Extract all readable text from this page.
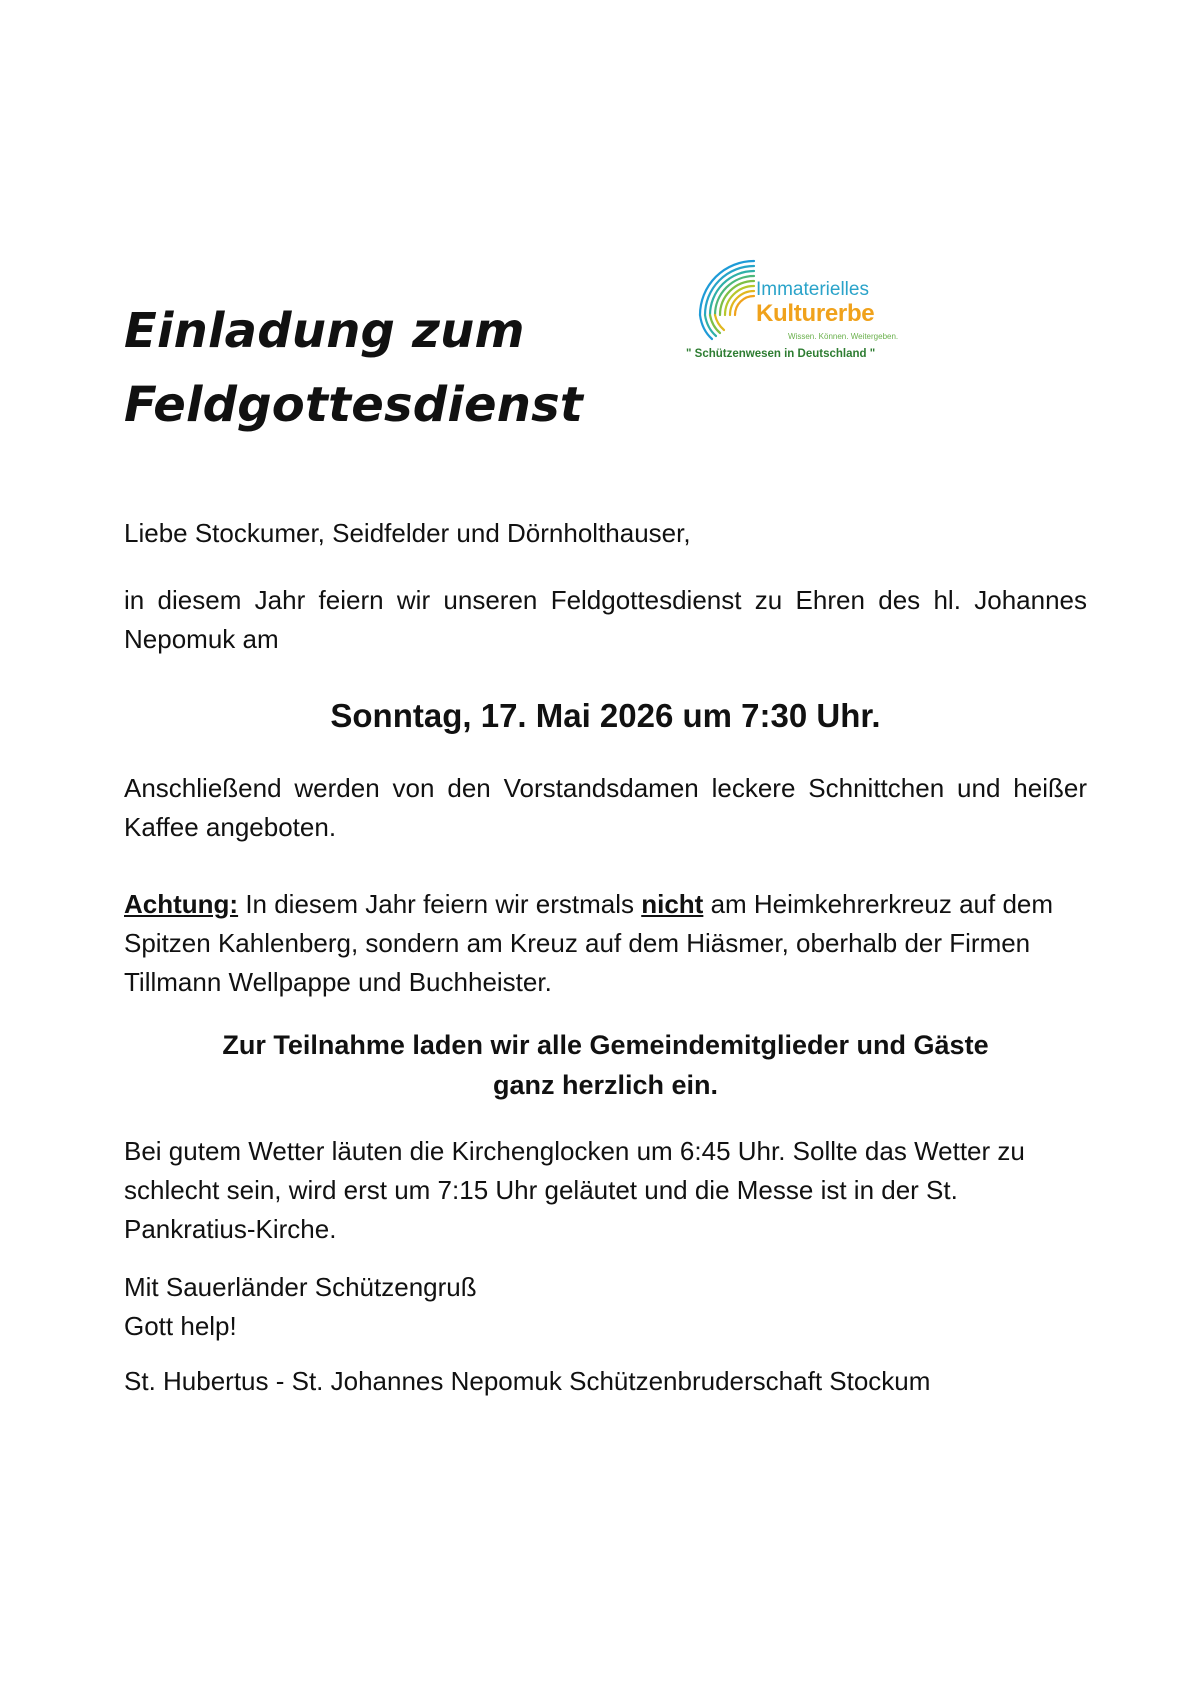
Einladung zum
Feldgottesdienst
Immaterielles
Kulturerbe
Wissen. Können. Weitergeben.
" Schützenwesen in Deutschland "

Liebe Stockumer, Seidfelder und Dörnholthauser,

in diesem Jahr feiern wir unseren Feldgottesdienst zu Ehren des hl. Johannes Nepomuk am

Sonntag, 17. Mai 2026 um 7:30 Uhr.

Anschließend werden von den Vorstandsdamen leckere Schnittchen und heißer Kaffee angeboten.

Achtung: In diesem Jahr feiern wir erstmals nicht am Heimkehrerkreuz auf dem Spitzen Kahlenberg, sondern am Kreuz auf dem Hiäsmer, oberhalb der Firmen Tillmann Wellpappe und Buchheister.

Zur Teilnahme laden wir alle Gemeindemitglieder und Gäste
ganz herzlich ein.

Bei gutem Wetter läuten die Kirchenglocken um 6:45 Uhr. Sollte das Wetter zu schlecht sein, wird erst um 7:15 Uhr geläutet und die Messe ist in der St. Pankratius-Kirche.

Mit Sauerländer Schützengruß
Gott help!

St. Hubertus - St. Johannes Nepomuk Schützenbruderschaft Stockum
